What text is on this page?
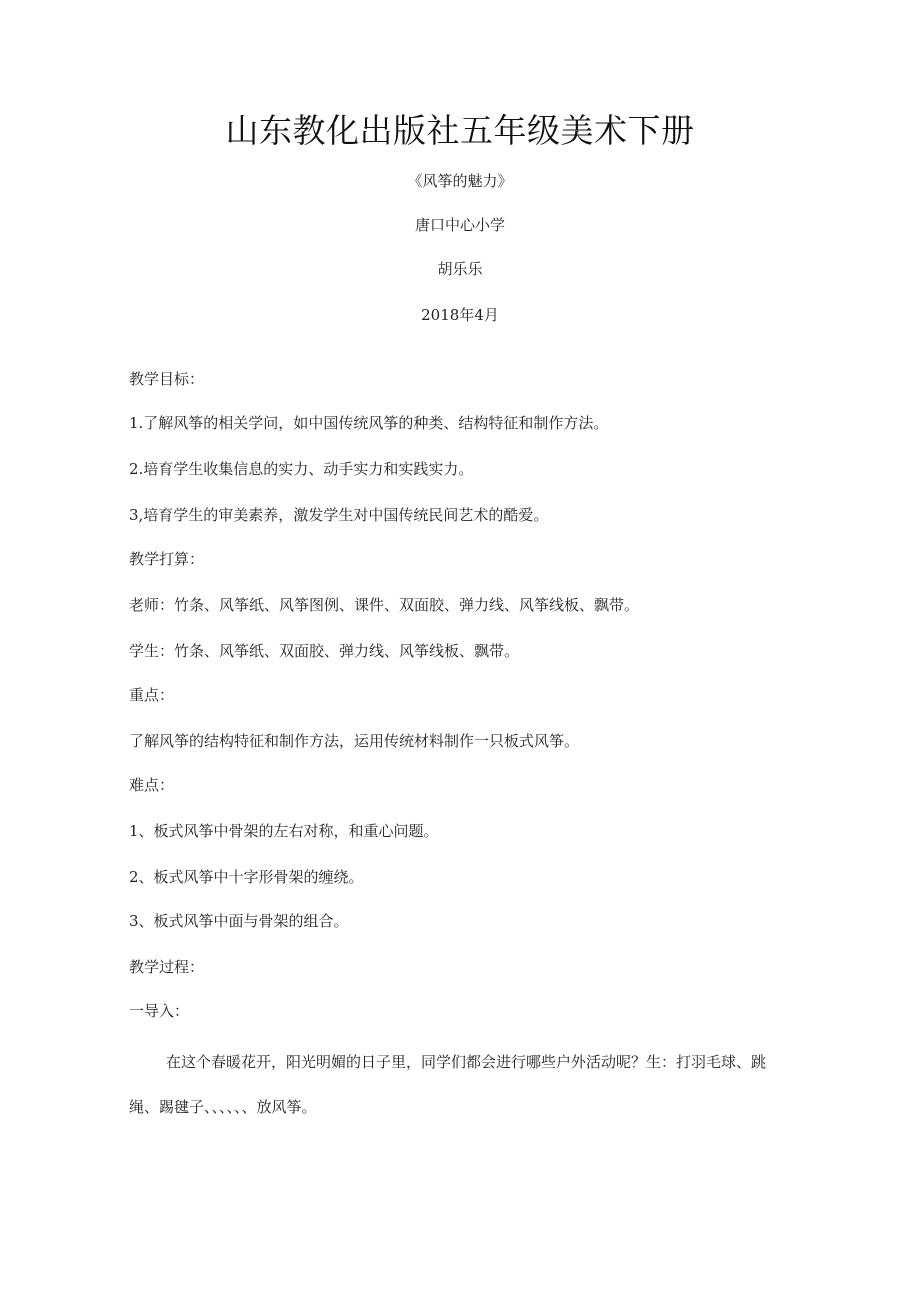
山东教化出版社五年级美术下册
《风筝的魅力》
唐口中心小学
胡乐乐
2018年4月
教学目标：
1.了解风筝的相关学问，如中国传统风筝的种类、结构特征和制作方法。
2.培育学生收集信息的实力、动手实力和实践实力。
3,培育学生的审美素养，激发学生对中国传统民间艺术的酷爱。
教学打算：
老师：竹条、风筝纸、风筝图例、课件、双面胶、弹力线、风筝线板、飘带。
学生：竹条、风筝纸、双面胶、弹力线、风筝线板、飘带。
重点：
了解风筝的结构特征和制作方法，运用传统材料制作一只板式风筝。
难点：
1、板式风筝中骨架的左右对称，和重心问题。
2、板式风筝中十字形骨架的缠绕。
3、板式风筝中面与骨架的组合。
教学过程：
一导入：
在这个春暖花开，阳光明媚的日子里，同学们都会进行哪些户外活动呢？生：打羽毛球、跳绳、踢毽子、、、、、、放风筝。
